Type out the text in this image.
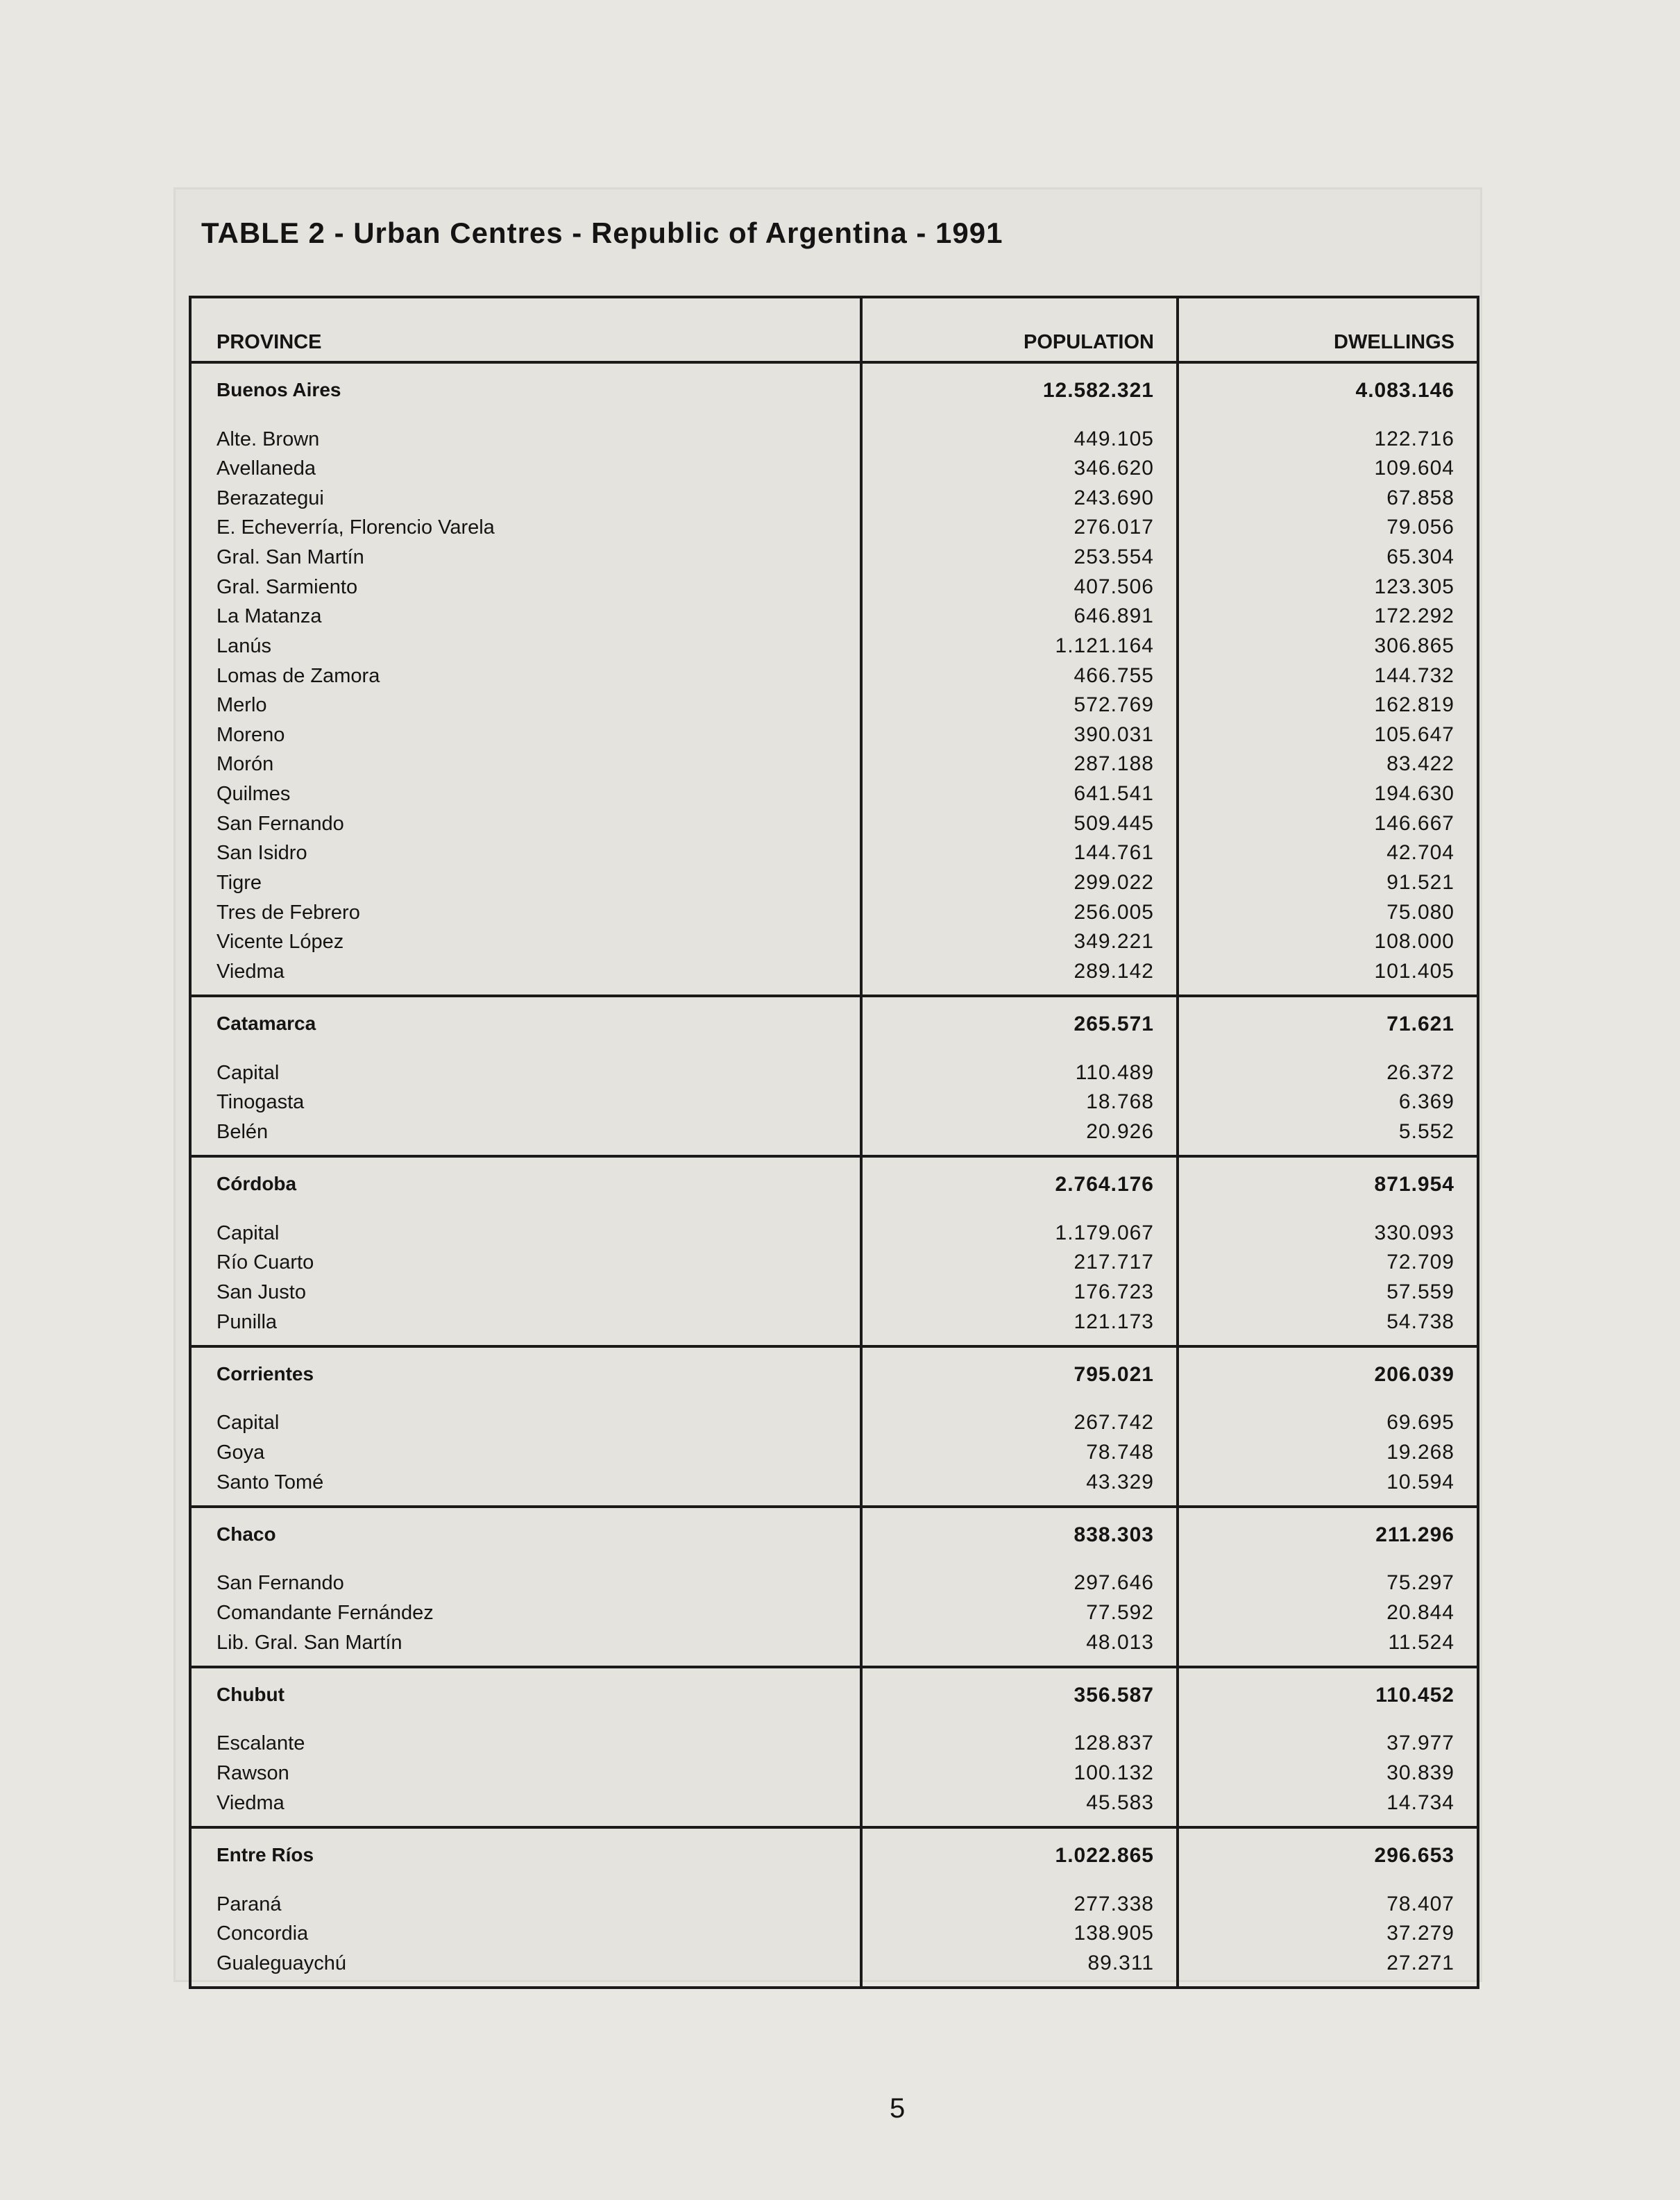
TABLE 2 - Urban Centres - Republic of Argentina - 1991
PROVINCE	POPULATION	DWELLINGS
Buenos Aires	12.582.321	4.083.146
Alte. Brown	449.105	122.716
Avellaneda	346.620	109.604
Berazategui	243.690	67.858
E. Echeverría, Florencio Varela	276.017	79.056
Gral. San Martín	253.554	65.304
Gral. Sarmiento	407.506	123.305
La Matanza	646.891	172.292
Lanús	1.121.164	306.865
Lomas de Zamora	466.755	144.732
Merlo	572.769	162.819
Moreno	390.031	105.647
Morón	287.188	83.422
Quilmes	641.541	194.630
San Fernando	509.445	146.667
San Isidro	144.761	42.704
Tigre	299.022	91.521
Tres de Febrero	256.005	75.080
Vicente López	349.221	108.000
Viedma	289.142	101.405
Catamarca	265.571	71.621
Capital	110.489	26.372
Tinogasta	18.768	6.369
Belén	20.926	5.552
Córdoba	2.764.176	871.954
Capital	1.179.067	330.093
Río Cuarto	217.717	72.709
San Justo	176.723	57.559
Punilla	121.173	54.738
Corrientes	795.021	206.039
Capital	267.742	69.695
Goya	78.748	19.268
Santo Tomé	43.329	10.594
Chaco	838.303	211.296
San Fernando	297.646	75.297
Comandante Fernández	77.592	20.844
Lib. Gral. San Martín	48.013	11.524
Chubut	356.587	110.452
Escalante	128.837	37.977
Rawson	100.132	30.839
Viedma	45.583	14.734
Entre Ríos	1.022.865	296.653
Paraná	277.338	78.407
Concordia	138.905	37.279
Gualeguaychú	89.311	27.271
5
